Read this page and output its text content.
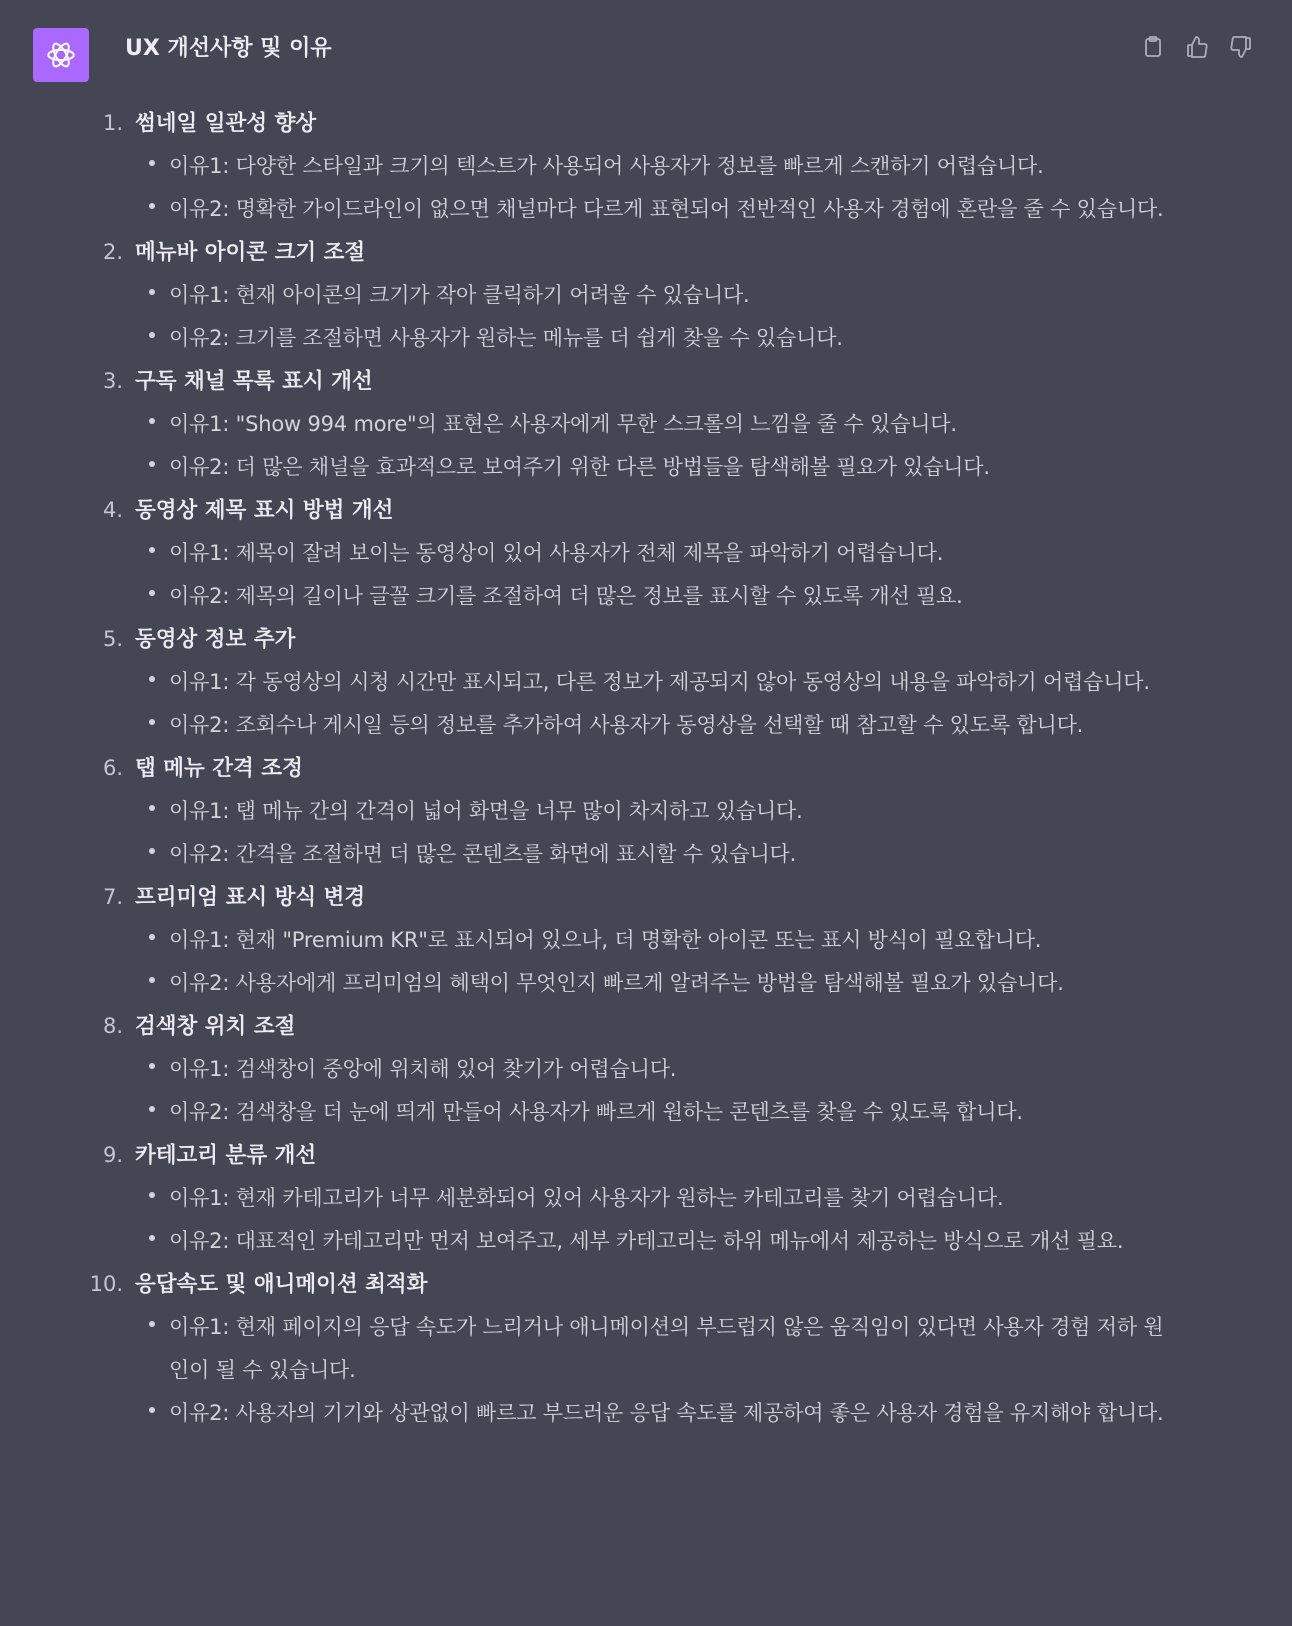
UX 개선사항 및 이유
1. 썸네일 일관성 향상
이유1: 다양한 스타일과 크기의 텍스트가 사용되어 사용자가 정보를 빠르게 스캔하기 어렵습니다.
이유2: 명확한 가이드라인이 없으면 채널마다 다르게 표현되어 전반적인 사용자 경험에 혼란을 줄 수 있습니다.
2. 메뉴바 아이콘 크기 조절
이유1: 현재 아이콘의 크기가 작아 클릭하기 어려울 수 있습니다.
이유2: 크기를 조절하면 사용자가 원하는 메뉴를 더 쉽게 찾을 수 있습니다.
3. 구독 채널 목록 표시 개선
이유1: "Show 994 more"의 표현은 사용자에게 무한 스크롤의 느낌을 줄 수 있습니다.
이유2: 더 많은 채널을 효과적으로 보여주기 위한 다른 방법들을 탐색해볼 필요가 있습니다.
4. 동영상 제목 표시 방법 개선
이유1: 제목이 잘려 보이는 동영상이 있어 사용자가 전체 제목을 파악하기 어렵습니다.
이유2: 제목의 길이나 글꼴 크기를 조절하여 더 많은 정보를 표시할 수 있도록 개선 필요.
5. 동영상 정보 추가
이유1: 각 동영상의 시청 시간만 표시되고, 다른 정보가 제공되지 않아 동영상의 내용을 파악하기 어렵습니다.
이유2: 조회수나 게시일 등의 정보를 추가하여 사용자가 동영상을 선택할 때 참고할 수 있도록 합니다.
6. 탭 메뉴 간격 조정
이유1: 탭 메뉴 간의 간격이 넓어 화면을 너무 많이 차지하고 있습니다.
이유2: 간격을 조절하면 더 많은 콘텐츠를 화면에 표시할 수 있습니다.
7. 프리미엄 표시 방식 변경
이유1: 현재 "Premium KR"로 표시되어 있으나, 더 명확한 아이콘 또는 표시 방식이 필요합니다.
이유2: 사용자에게 프리미엄의 혜택이 무엇인지 빠르게 알려주는 방법을 탐색해볼 필요가 있습니다.
8. 검색창 위치 조절
이유1: 검색창이 중앙에 위치해 있어 찾기가 어렵습니다.
이유2: 검색창을 더 눈에 띄게 만들어 사용자가 빠르게 원하는 콘텐츠를 찾을 수 있도록 합니다.
9. 카테고리 분류 개선
이유1: 현재 카테고리가 너무 세분화되어 있어 사용자가 원하는 카테고리를 찾기 어렵습니다.
이유2: 대표적인 카테고리만 먼저 보여주고, 세부 카테고리는 하위 메뉴에서 제공하는 방식으로 개선 필요.
10. 응답속도 및 애니메이션 최적화
이유1: 현재 페이지의 응답 속도가 느리거나 애니메이션의 부드럽지 않은 움직임이 있다면 사용자 경험 저하 원인이 될 수 있습니다.
이유2: 사용자의 기기와 상관없이 빠르고 부드러운 응답 속도를 제공하여 좋은 사용자 경험을 유지해야 합니다.
